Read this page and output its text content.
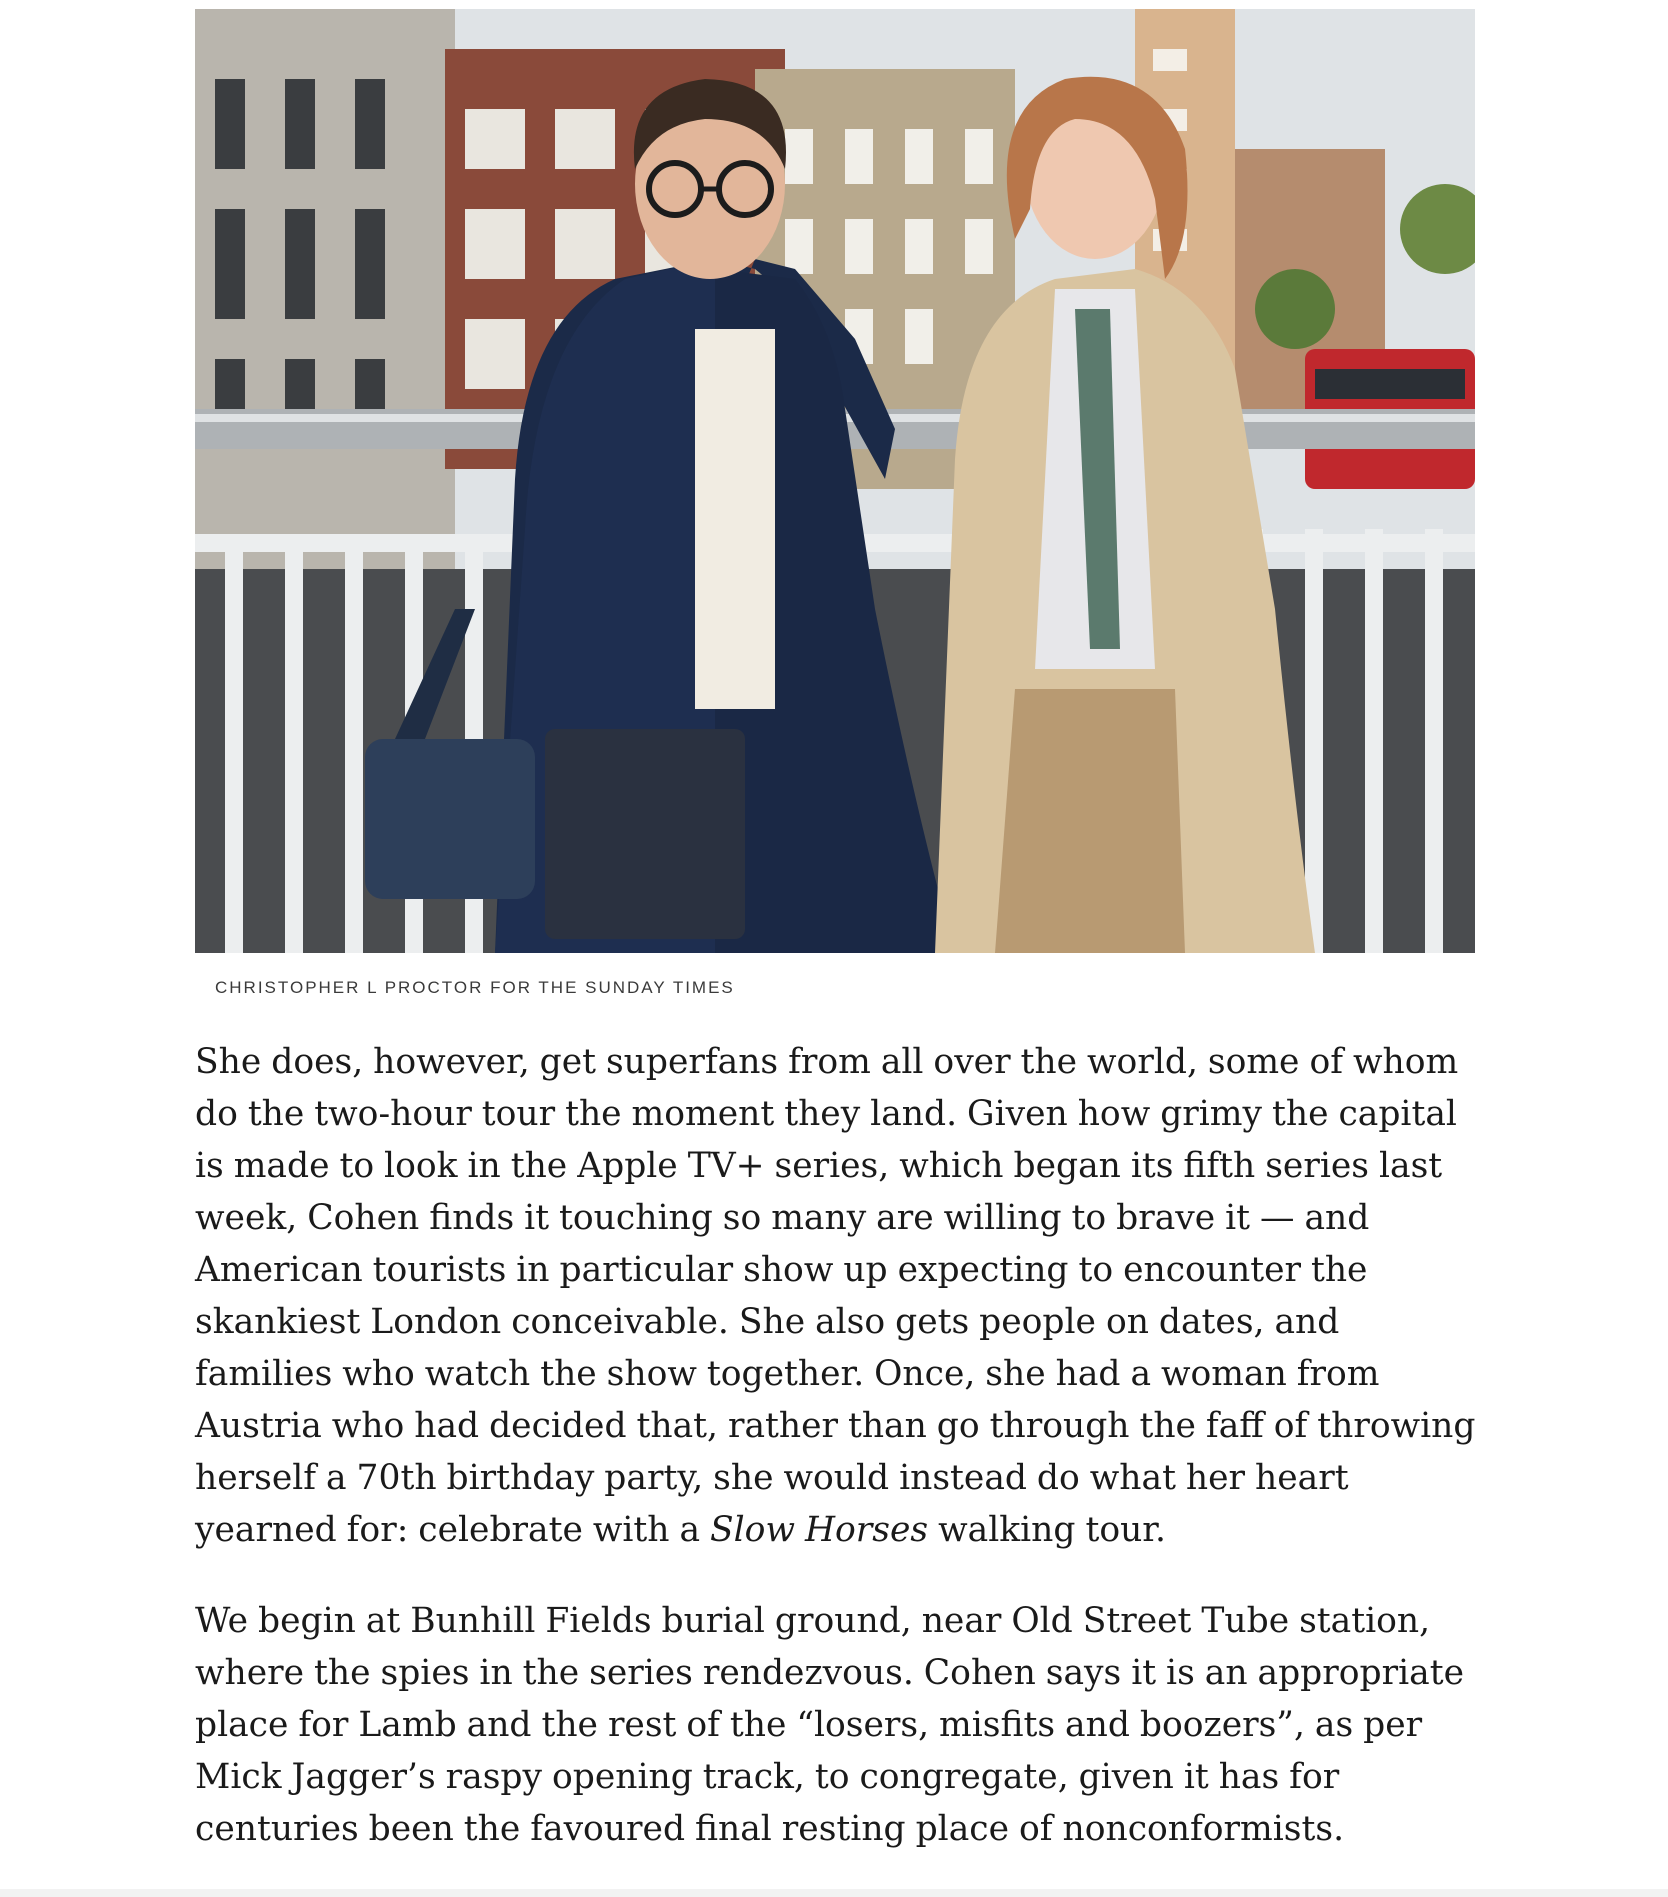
CHRISTOPHER L PROCTOR FOR THE SUNDAY TIMES

She does, however, get superfans from all over the world, some of whom do the two-hour tour the moment they land. Given how grimy the capital is made to look in the Apple TV+ series, which began its fifth series last week, Cohen finds it touching so many are willing to brave it — and American tourists in particular show up expecting to encounter the skankiest London conceivable. She also gets people on dates, and families who watch the show together. Once, she had a woman from Austria who had decided that, rather than go through the faff of throwing herself a 70th birthday party, she would instead do what her heart yearned for: celebrate with a Slow Horses walking tour.

We begin at Bunhill Fields burial ground, near Old Street Tube station, where the spies in the series rendezvous. Cohen says it is an appropriate place for Lamb and the rest of the “losers, misfits and boozers”, as per Mick Jagger’s raspy opening track, to congregate, given it has for centuries been the favoured final resting place of nonconformists.
